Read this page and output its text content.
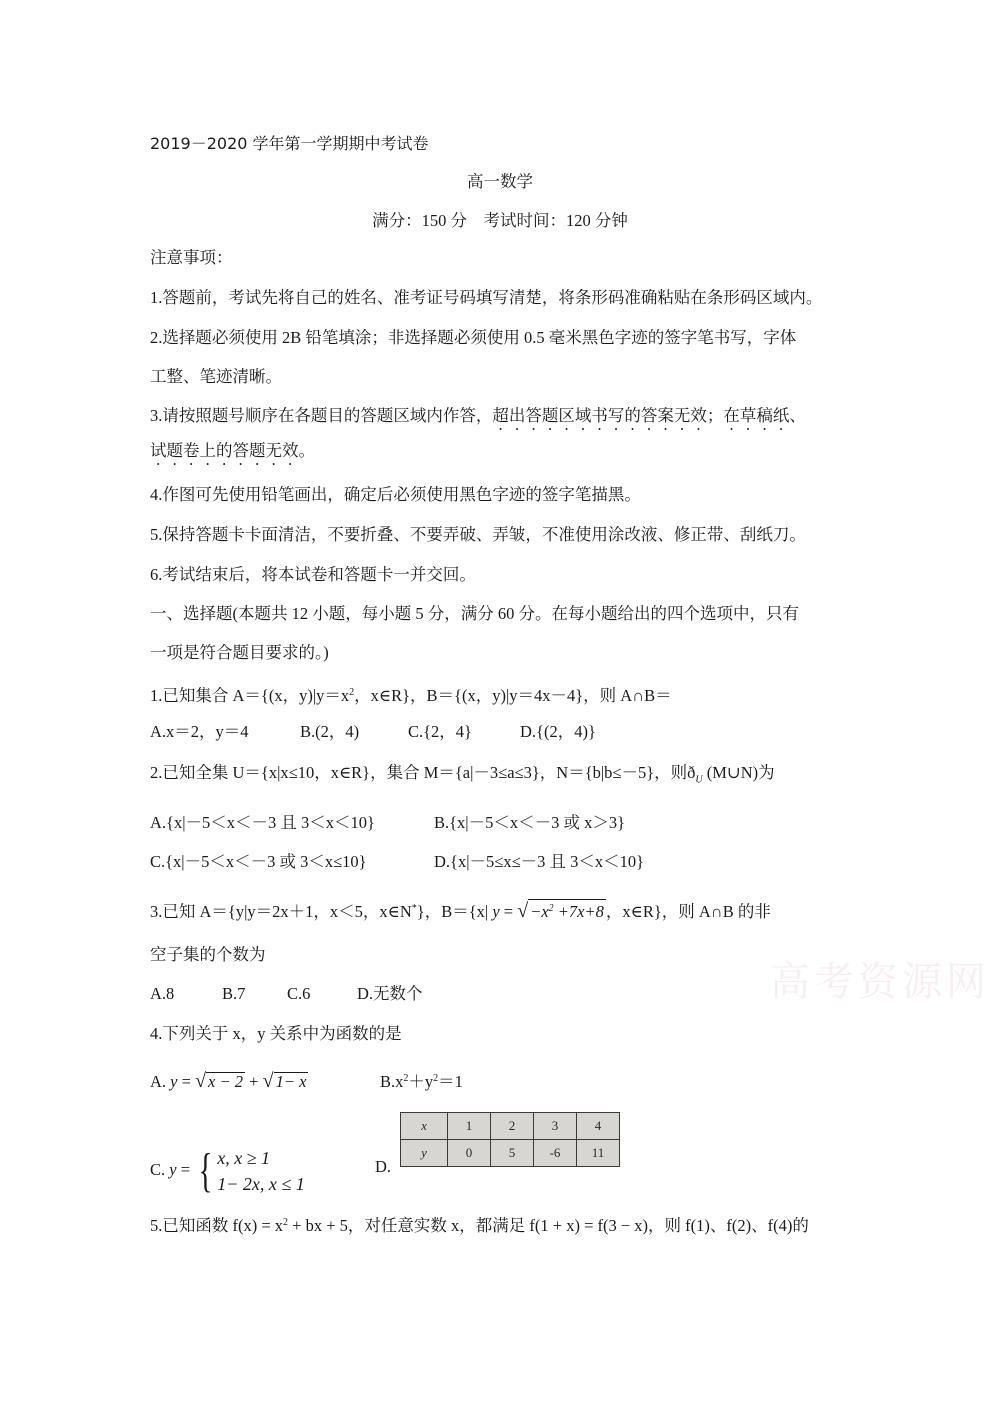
高考资源网
2019－2020 学年第一学期期中考试卷
高一数学
满分：150 分　考试时间：120 分钟
注意事项：
1.答题前，考试先将自己的姓名、准考证号码填写清楚，将条形码准确粘贴在条形码区域内。
2.选择题必须使用 2B 铅笔填涂；非选择题必须使用 0.5 毫米黑色字迹的签字笔书写，字体
工整、笔迹清晰。
3.请按照题号顺序在各题目的答题区域内作答，超出答题区域书写的答案无效；在草稿纸、
试题卷上的答题无效。
4.作图可先使用铅笔画出，确定后必须使用黑色字迹的签字笔描黑。
5.保持答题卡卡面清洁，不要折叠、不要弄破、弄皱，不准使用涂改液、修正带、刮纸刀。
6.考试结束后，将本试卷和答题卡一并交回。
一、选择题(本题共 12 小题，每小题 5 分，满分 60 分。在每小题给出的四个选项中，只有
一项是符合题目要求的。)
1.已知集合 A＝{(x，$y)|y=x^2$，x∈R}，B＝{(x，y)|y＝4x－4}，则 A∩B＝
A.x＝2，y＝4	B.(2，4)	C.{2，4}	D.{(2，4)}
2.已知全集 U＝{x|x≤10，x∈R}，集合 M＝{a|－3≤a≤3}，N＝{b|b≤－5}，则$ð_U$ (M∪N)为
A.{x|－5＜x＜－3 且 3＜x＜10}	B.{x|－5＜x＜－3 或 x＞3}
C.{x|－5＜x＜－3 或 3＜x≤10}	D.{x|－5≤x≤－3 且 3＜x＜10}
3.已知 A＝{y|y＝2x＋1，x＜5，x∈N*}，B＝{x| y = √ $-x^2 +7x+8$ ，x∈R}，则 A∩B 的非
空子集的个数为
A.8	B.7	C.6	D.无数个
4.下列关于 x，y 关系中为函数的是
A. y = √ x − 2 + √ 1− x	$B.x^2+y^2=1$
C. y = { x, x ≥ 1
1− 2x, x ≤ 1
D.
x	1	2	3	4
y	0	5	-6	11
5.已知函数 $f(x) = x^2$ + bx + 5，对任意实数 x，都满足 f(1 + x) = f(3 − x)，则 f(1)、f(2)、f(4)的
